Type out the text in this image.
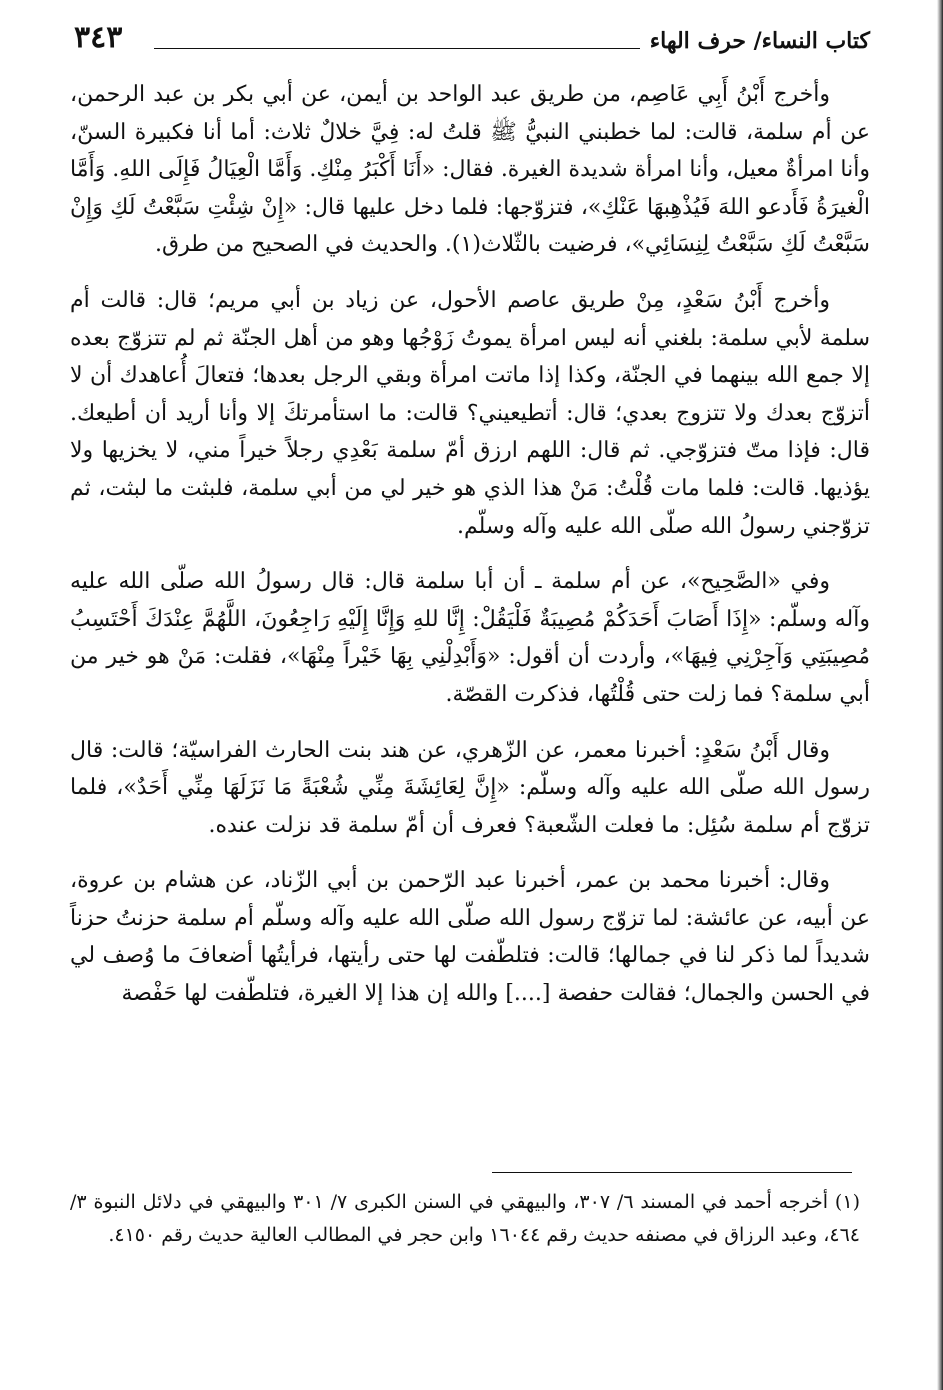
كتاب النساء/ حرف الهاء
٣٤٣

وأخرج أَبْنُ أَبِي عَاصِم، من طريق عبد الواحد بن أيمن، عن أبي بكر بن عبد الرحمن، عن أم سلمة، قالت: لما خطبني النبيُّ ﷺ قلتُ له: فِيَّ خلالٌ ثلاث: أما أنا فكبيرة السنّ، وأنا امرأةٌ معيل، وأنا امرأة شديدة الغيرة. فقال: «أَنَا أَكْبَرُ مِنْكِ. وَأَمَّا الْعِيَالُ فَإِلَى اللهِ. وَأَمَّا الْغيرَةُ فَأَدعو اللهَ فَيُذْهِبهَا عَنْكِ»، فتزوّجها: فلما دخل عليها قال: «إِنْ شِئْتِ سَبَّعْتُ لَكِ وَإِنْ سَبَّعْتُ لَكِ سَبَّعْتُ لِنِسَائِي»، فرضيت بالثّلاث(١). والحديث في الصحيح من طرق.

وأخرج أَبْنُ سَعْدٍ، مِنْ طريق عاصم الأحول، عن زياد بن أبي مريم؛ قال: قالت أم سلمة لأبي سلمة: بلغني أنه ليس امرأة يموتُ زَوْجُها وهو من أهل الجنّة ثم لم تتزوّج بعده إلا جمع الله بينهما في الجنّة، وكذا إذا ماتت امرأة وبقي الرجل بعدها؛ فتعالَ أُعاهدك أن لا أتزوّج بعدك ولا تتزوج بعدي؛ قال: أتطيعيني؟ قالت: ما استأمرتكَ إلا وأنا أريد أن أطيعك. قال: فإذا متّ فتزوّجي. ثم قال: اللهم ارزق أمّ سلمة بَعْدِي رجلاً خيراً مني، لا يخزيها ولا يؤذيها. قالت: فلما مات قُلْتُ: مَنْ هذا الذي هو خير لي من أبي سلمة، فلبثت ما لبثت، ثم تزوّجني رسولُ الله صلّى الله عليه وآله وسلّم.

وفي «الصَّحِيح»، عن أم سلمة ـ أن أبا سلمة قال: قال رسولُ الله صلّى الله عليه وآله وسلّم: «إِذَا أَصَابَ أَحَدَكُمْ مُصِيبَةٌ فَلْيَقُلْ: إِنَّا للهِ وَإِنَّا إِلَيْهِ رَاجِعُونَ، اللَّهُمَّ عِنْدَكَ أَحْتَسِبُ مُصِيبَتِي وَآجِرْنِي فِيهَا»، وأردت أن أقول: «وَأَبْدِلْنِي بِهَا خَيْراً مِنْهَا»، فقلت: مَنْ هو خير من أبي سلمة؟ فما زلت حتى قُلْتُها، فذكرت القصّة.

وقال أَبْنُ سَعْدٍ: أخبرنا معمر، عن الزّهري، عن هند بنت الحارث الفراسيّة؛ قالت: قال رسول الله صلّى الله عليه وآله وسلّم: «إِنَّ لِعَائِشَةَ مِنِّي شُعْبَةً مَا نَزَلَهَا مِنِّي أَحَدٌ»، فلما تزوّج أم سلمة سُئِل: ما فعلت الشّعبة؟ فعرف أن أمّ سلمة قد نزلت عنده.

وقال: أخبرنا محمد بن عمر، أخبرنا عبد الرّحمن بن أبي الزّناد، عن هشام بن عروة، عن أبيه، عن عائشة: لما تزوّج رسول الله صلّى الله عليه وآله وسلّم أم سلمة حزنتُ حزناً شديداً لما ذكر لنا في جمالها؛ قالت: فتلطّفت لها حتى رأيتها، فرأيتُها أضعافَ ما وُصف لي في الحسن والجمال؛ فقالت حفصة [....] والله إن هذا إلا الغيرة، فتلطّفت لها حَفْصة

(١) أخرجه أحمد في المسند ٦/ ٣٠٧، والبيهقي في السنن الكبرى ٧/ ٣٠١ والبيهقي في دلائل النبوة ٣/ ٤٦٤، وعبد الرزاق في مصنفه حديث رقم ١٦٠٤٤ وابن حجر في المطالب العالية حديث رقم ٤١٥٠.
